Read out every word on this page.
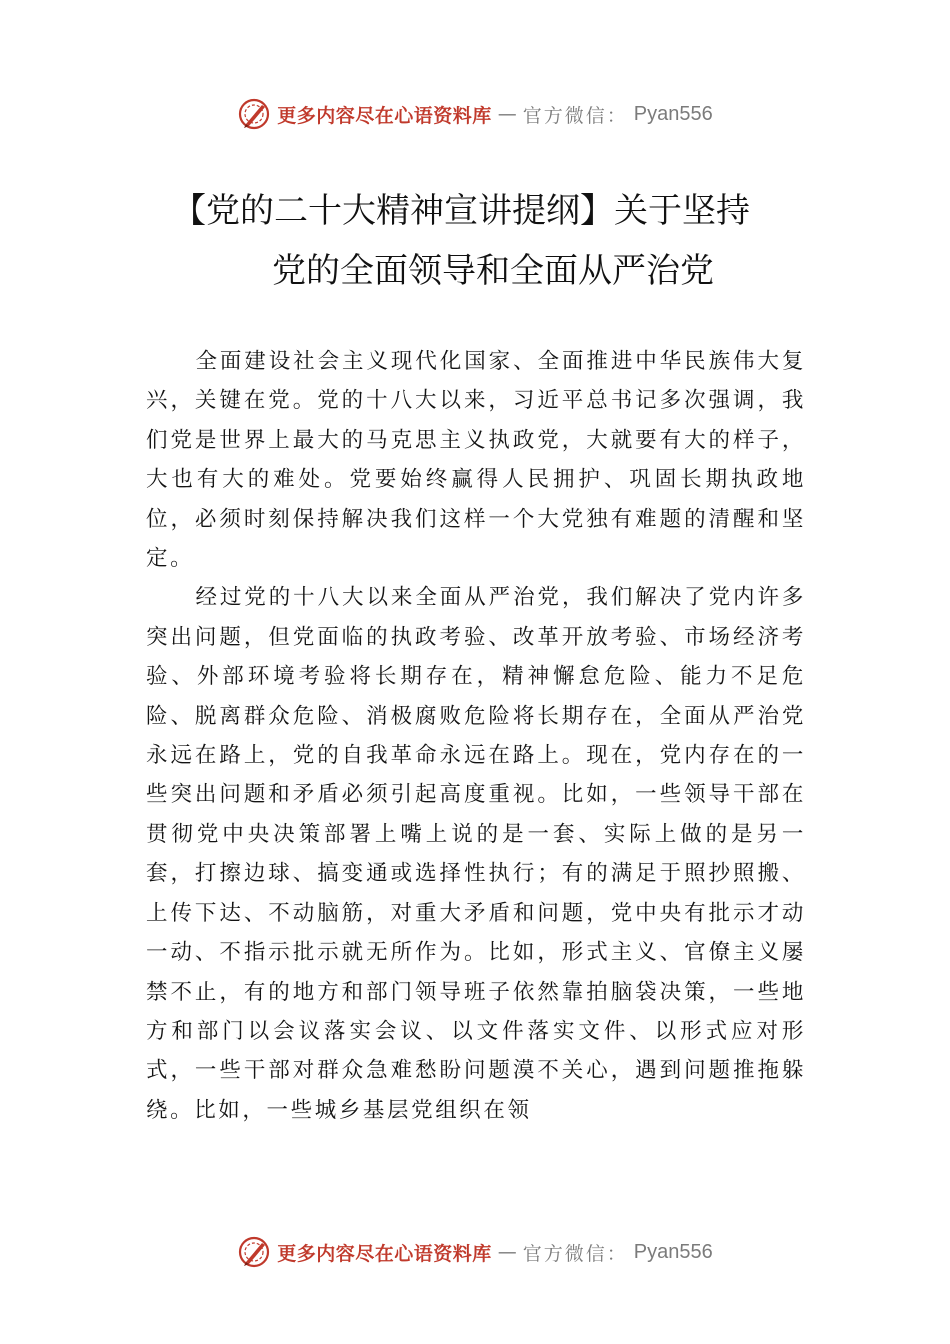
更多内容尽在心语资料库 — 官方微信： Pyan556
【党的二十大精神宣讲提纲】关于坚持
党的全面领导和全面从严治党

全面建设社会主义现代化国家、全面推进中华民族伟大复兴，关键在党。党的十八大以来，习近平总书记多次强调，我们党是世界上最大的马克思主义执政党，大就要有大的样子，大也有大的难处。党要始终赢得人民拥护、巩固长期执政地位，必须时刻保持解决我们这样一个大党独有难题的清醒和坚定。

经过党的十八大以来全面从严治党，我们解决了党内许多突出问题，但党面临的执政考验、改革开放考验、市场经济考验、外部环境考验将长期存在，精神懈怠危险、能力不足危险、脱离群众危险、消极腐败危险将长期存在，全面从严治党永远在路上，党的自我革命永远在路上。现在，党内存在的一些突出问题和矛盾必须引起高度重视。比如，一些领导干部在贯彻党中央决策部署上嘴上说的是一套、实际上做的是另一套，打擦边球、搞变通或选择性执行；有的满足于照抄照搬、上传下达、不动脑筋，对重大矛盾和问题，党中央有批示才动一动、不指示批示就无所作为。比如，形式主义、官僚主义屡禁不止，有的地方和部门领导班子依然靠拍脑袋决策，一些地方和部门以会议落实会议、以文件落实文件、以形式应对形式，一些干部对群众急难愁盼问题漠不关心，遇到问题推拖躲绕。比如，一些城乡基层党组织在领

更多内容尽在心语资料库 — 官方微信： Pyan556
